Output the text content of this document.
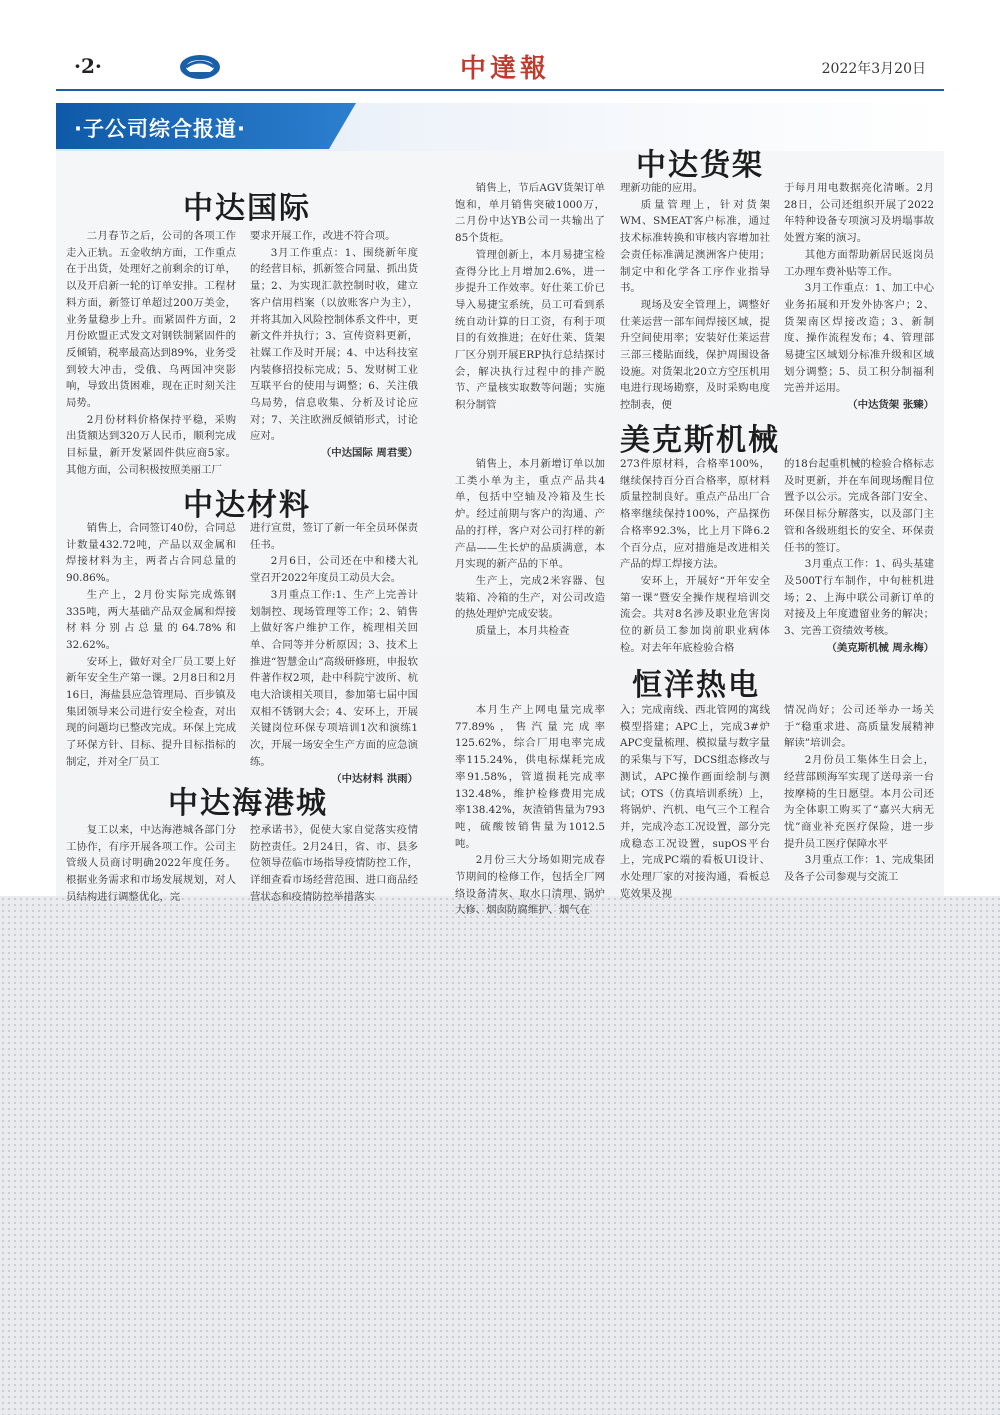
·2·	中達報	2022年3月20日
·子公司综合报道·
中达国际

二月春节之后，公司的各项工作走入正轨。五金收纳方面，工作重点在于出货，处理好之前剩余的订单，以及开启新一轮的订单安排。工程材料方面，新签订单超过200万美金，业务量稳步上升。而紧固件方面，2月份欧盟正式发文对钢铁制紧固件的反倾销，税率最高达到89%，业务受到较大冲击，受俄、乌两国冲突影响，导致出货困难，现在正时刻关注局势。

2月份材料价格保持平稳，采购出货额达到320万人民币，顺利完成目标量，新开发紧固件供应商5家。其他方面，公司积极按照美丽工厂

要求开展工作，改进不符合项。

3月工作重点：1、围绕新年度的经营目标，抓新签合同量、抓出货量；2、为实现汇款控制时收，建立客户信用档案（以放账客户为主），并将其加入风险控制体系文件中，更新文件并执行；3、宣传资料更新，社媒工作及时开展；4、中达科技室内装修招投标完成；5、发财树工业互联平台的使用与调整；6、关注俄乌局势，信息收集、分析及讨论应对；7、关注欧洲反倾销形式，讨论应对。

（中达国际 周君雯）
中达材料

销售上，合同签订40份，合同总计数量432.72吨，产品以双金属和焊接材料为主，两者占合同总量的90.86%。

生产上，2月份实际完成炼钢335吨，两大基础产品双金属和焊接材料分别占总量的64.78%和32.62%。

安环上，做好对全厂员工要上好新年安全生产第一课。2月8日和2月16日，海盐县应急管理局、百步镇及集团领导来公司进行安全检查，对出现的问题均已整改完成。环保上完成了环保方针、目标、提升目标指标的制定，并对全厂员工

进行宣贯，签订了新一年全员环保责任书。

2月6日，公司还在中和楼大礼堂召开2022年度员工动员大会。

3月重点工作:1、生产上完善计划制控、现场管理等工作；2、销售上做好客户维护工作，梳理相关回单、合同等并分析原因；3、技术上推进“智慧金山”高级研修班，申报软件著作权2项，赴中科院宁波所、杭电大洽谈相关项目，参加第七届中国双相不锈钢大会；4、安环上，开展关键岗位环保专项培训1次和演练1次，开展一场安全生产方面的应急演练。

（中达材料 洪雨）
中达海港城

复工以来，中达海港城各部门分工协作，有序开展各项工作。公司主管级人员商讨明确2022年度任务。根据业务需求和市场发展规划，对人员结构进行调整优化，完

控承诺书》，促使大家自觉落实疫情防控责任。2月24日，省、市、县多位领导莅临市场指导疫情防控工作，详细查看市场经营范围、进口商品经营状态和疫情防控举措落实

中达货架

销售上，节后AGV货架订单饱和，单月销售突破1000万，二月份中达YB公司一共输出了85个货柜。

管理创新上，本月易捷宝检查得分比上月增加2.6%，进一步提升工作效率。好仕莱工价已导入易捷宝系统，员工可看到系统自动计算的日工资，有利于项目的有效推进；在好仕莱、货架厂区分别开展ERP执行总结探讨会，解决执行过程中的排产脱节、产量核实取数等问题；实施积分制管

理新功能的应用。

质量管理上，针对货架WM、SMEAT客户标准，通过技术标准转换和审核内容增加社会责任标准满足澳洲客户使用；制定中和化学各工序作业指导书。

现场及安全管理上，调整好仕莱运营一部车间焊接区域，提升空间使用率；安装好仕莱运营三部三楼貼面线，保护周围设备设施。对货架北20立方空压机用电进行现场勘察，及时采购电度控制表，便

于每月用电数据亮化清晰。2月28日，公司还组织开展了2022年特种设备专项演习及坍塌事故处置方案的演习。

其他方面帮助新居民返岗员工办理车费补贴等工作。

3月工作重点：1、加工中心业务拓展和开发外协客户；2、货架南区焊接改造；3、新制度、操作流程发布；4、管理部易捷宝区域划分标准升级和区域划分调整；5、员工积分制福利完善并运用。

（中达货架 张臻）
美克斯机械

销售上，本月新增订单以加工类小单为主，重点产品共4单，包括中空轴及冷箱及生长炉。经过前期与客户的沟通、产品的打样，客户对公司打样的新产品——生长炉的品质满意，本月实现的新产品的下单。

生产上，完成2米容器、包装箱、冷箱的生产，对公司改造的热处理炉完成安装。

质量上，本月共检查

273件原材料，合格率100%，继续保持百分百合格率，原材料质量控制良好。重点产品出厂合格率继续保持100%，产品探伤合格率92.3%，比上月下降6.2个百分点，应对措施是改进相关产品的焊工焊接方法。

安环上，开展好“开年安全第一课”暨安全操作规程培训交流会。共对8名涉及职业危害岗位的新员工参加岗前职业病体检。对去年年底检验合格

的18台起重机械的检验合格标志及时更新，并在车间现场醒目位置予以公示。完成各部门安全、环保目标分解落实，以及部门主管和各级班组长的安全、环保责任书的签订。

3月重点工作：1、码头基建及500T行车制作，中旬桩机进场；2、上海中联公司新订单的对接及上年度遗留业务的解决；3、完善工资绩效考核。

（美克斯机械 周永梅）
恒洋热电

本月生产上网电量完成率77.89%，售汽量完成率125.62%，综合厂用电率完成率115.24%，供电标煤耗完成率91.58%，管道损耗完成率132.48%，维护检修费用完成率138.42%，灰渣销售量为793吨，硫酸铵销售量为1012.5吨。

2月份三大分场如期完成春节期间的检修工作，包括全厂网络设备清灰、取水口清理、锅炉大修、烟囱防腐维护、烟气在

入；完成南线、西北管网的寓线模型搭建；APC上，完成3#炉APC变量梳理、模拟量与数字量的采集与下写，DCS组态修改与测试，APC操作画面绘制与测试；OTS（仿真培训系统）上，将锅炉、汽机、电气三个工程合并，完成冷态工况设置，部分完成稳态工况设置，supOS平台上，完成PC端的看板UI设计、水处理厂家的对接沟通，看板总览效果及视

情况尚好；公司还举办一场关于“稳重求进、高质量发展精神解读”培训会。

2月份员工集体生日会上，经营部顾海军实现了送母亲一台按摩椅的生日愿望。本月公司还为全体职工购买了“嘉兴大病无忧”商业补充医疗保险，进一步提升员工医疗保障水平

3月重点工作：1、完成集团及各子公司参观与交流工
